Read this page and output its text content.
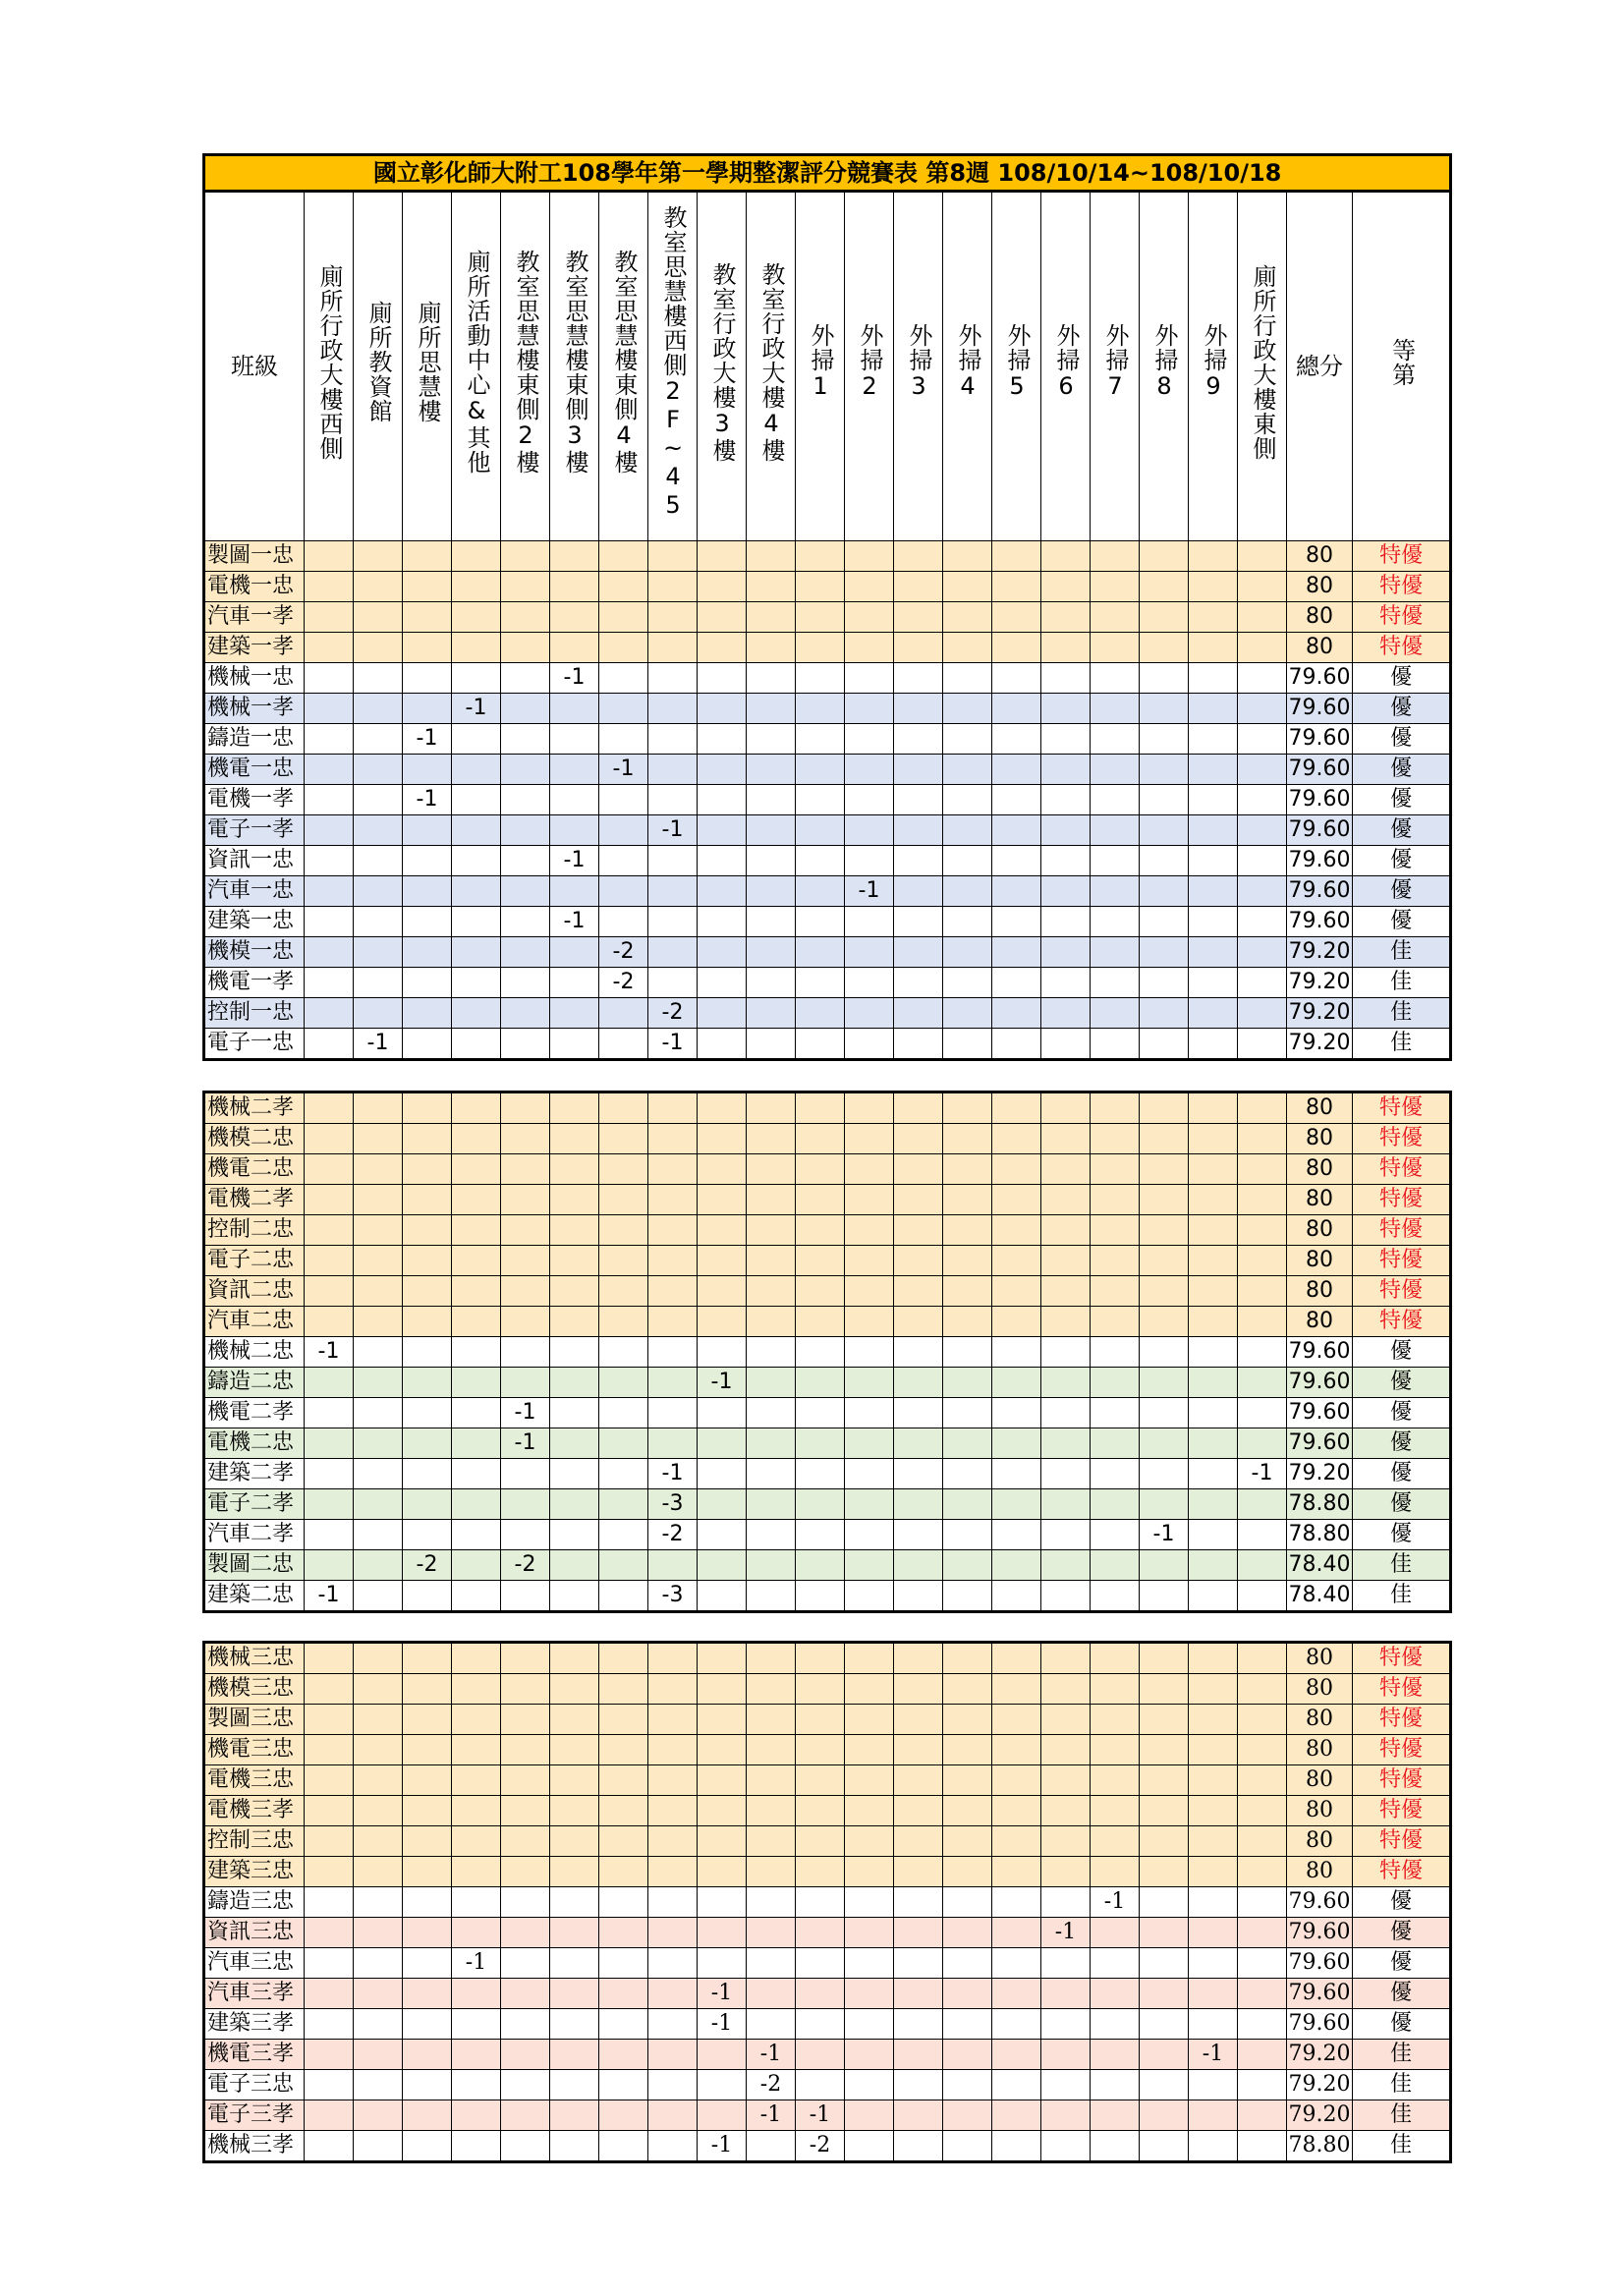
國立彰化師大附工108學年第一學期整潔評分競賽表 第8週 108/10/14~108/10/18																						
班級	廁所行政大樓西側	廁所教資館	廁所思慧樓	廁所活動中心&其他	教室思慧樓東側2樓	教室思慧樓東側3樓	教室思慧樓東側4樓	教室思慧樓西側2F~45	教室行政大樓3樓	教室行政大樓4樓	外掃1	外掃2	外掃3	外掃4	外掃5	外掃6	外掃7	外掃8	外掃9	廁所行政大樓東側	總分	等第
製圖一忠																					80	特優
電機一忠																					80	特優
汽車一孝																					80	特優
建築一孝																					80	特優
機械一忠						-1															79.60	優
機械一孝				-1																	79.60	優
鑄造一忠			-1																		79.60	優
機電一忠							-1														79.60	優
電機一孝			-1																		79.60	優
電子一孝								-1													79.60	優
資訊一忠						-1															79.60	優
汽車一忠												-1									79.60	優
建築一忠						-1															79.60	優
機模一忠							-2														79.20	佳
機電一孝							-2														79.20	佳
控制一忠								-2													79.20	佳
電子一忠		-1						-1													79.20	佳
機械二孝																					80	特優
機模二忠																					80	特優
機電二忠																					80	特優
電機二孝																					80	特優
控制二忠																					80	特優
電子二忠																					80	特優
資訊二忠																					80	特優
汽車二忠																					80	特優
機械二忠	-1																				79.60	優
鑄造二忠									-1												79.60	優
機電二孝					-1																79.60	優
電機二忠					-1																79.60	優
建築二孝								-1												-1	79.20	優
電子二孝								-3													78.80	優
汽車二孝								-2										-1			78.80	優
製圖二忠			-2		-2																78.40	佳
建築二忠	-1							-3													78.40	佳
機械三忠																					80	特優
機模三忠																					80	特優
製圖三忠																					80	特優
機電三忠																					80	特優
電機三忠																					80	特優
電機三孝																					80	特優
控制三忠																					80	特優
建築三忠																					80	特優
鑄造三忠																	-1				79.60	優
資訊三忠																-1					79.60	優
汽車三忠				-1																	79.60	優
汽車三孝									-1												79.60	優
建築三孝									-1												79.60	優
機電三孝										-1									-1		79.20	佳
電子三忠										-2											79.20	佳
電子三孝										-1	-1										79.20	佳
機械三孝									-1		-2										78.80	佳
